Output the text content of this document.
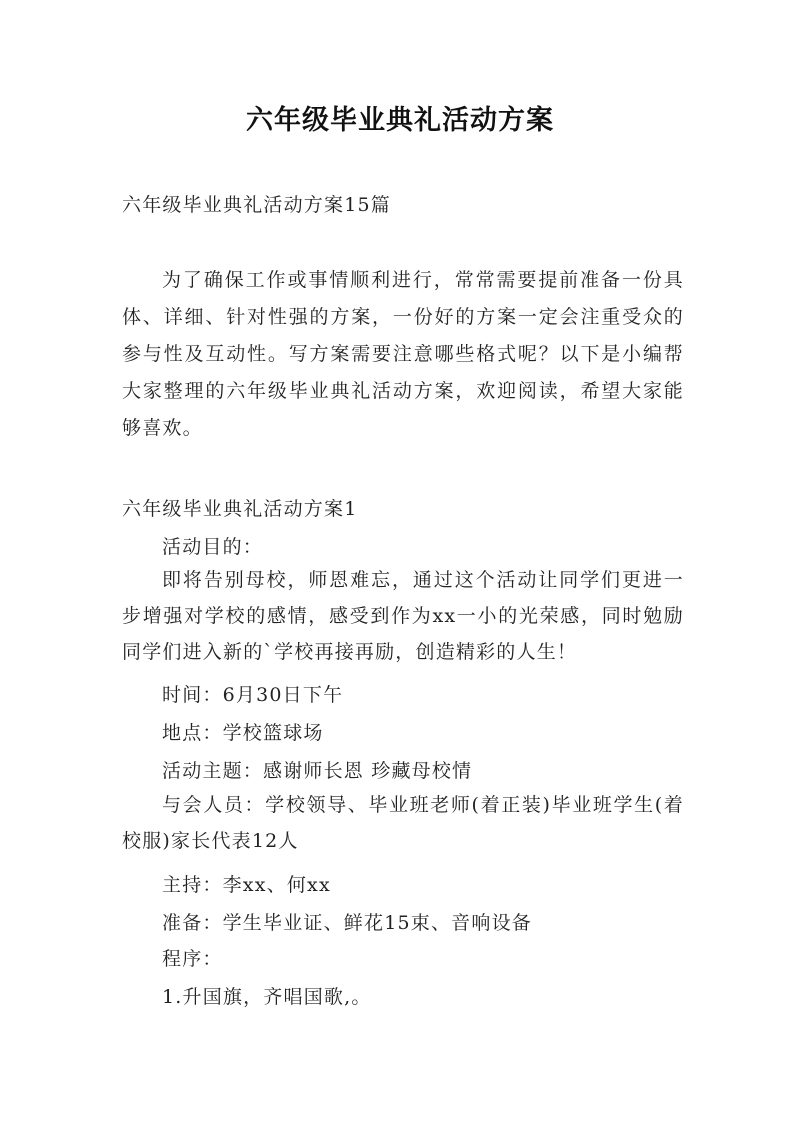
六年级毕业典礼活动方案

六年级毕业典礼活动方案15篇

为了确保工作或事情顺利进行，常常需要提前准备一份具体、详细、针对性强的方案，一份好的方案一定会注重受众的参与性及互动性。写方案需要注意哪些格式呢？以下是小编帮大家整理的六年级毕业典礼活动方案，欢迎阅读，希望大家能够喜欢。

六年级毕业典礼活动方案1

活动目的：

即将告别母校，师恩难忘，通过这个活动让同学们更进一步增强对学校的感情，感受到作为xx一小的光荣感，同时勉励同学们进入新的`学校再接再励，创造精彩的人生！

时间：6月30日下午

地点：学校篮球场

活动主题：感谢师长恩 珍藏母校情

与会人员：学校领导、毕业班老师(着正装)毕业班学生(着校服)家长代表12人

主持：李xx、何xx

准备：学生毕业证、鲜花15束、音响设备

程序：

1.升国旗，齐唱国歌,。
